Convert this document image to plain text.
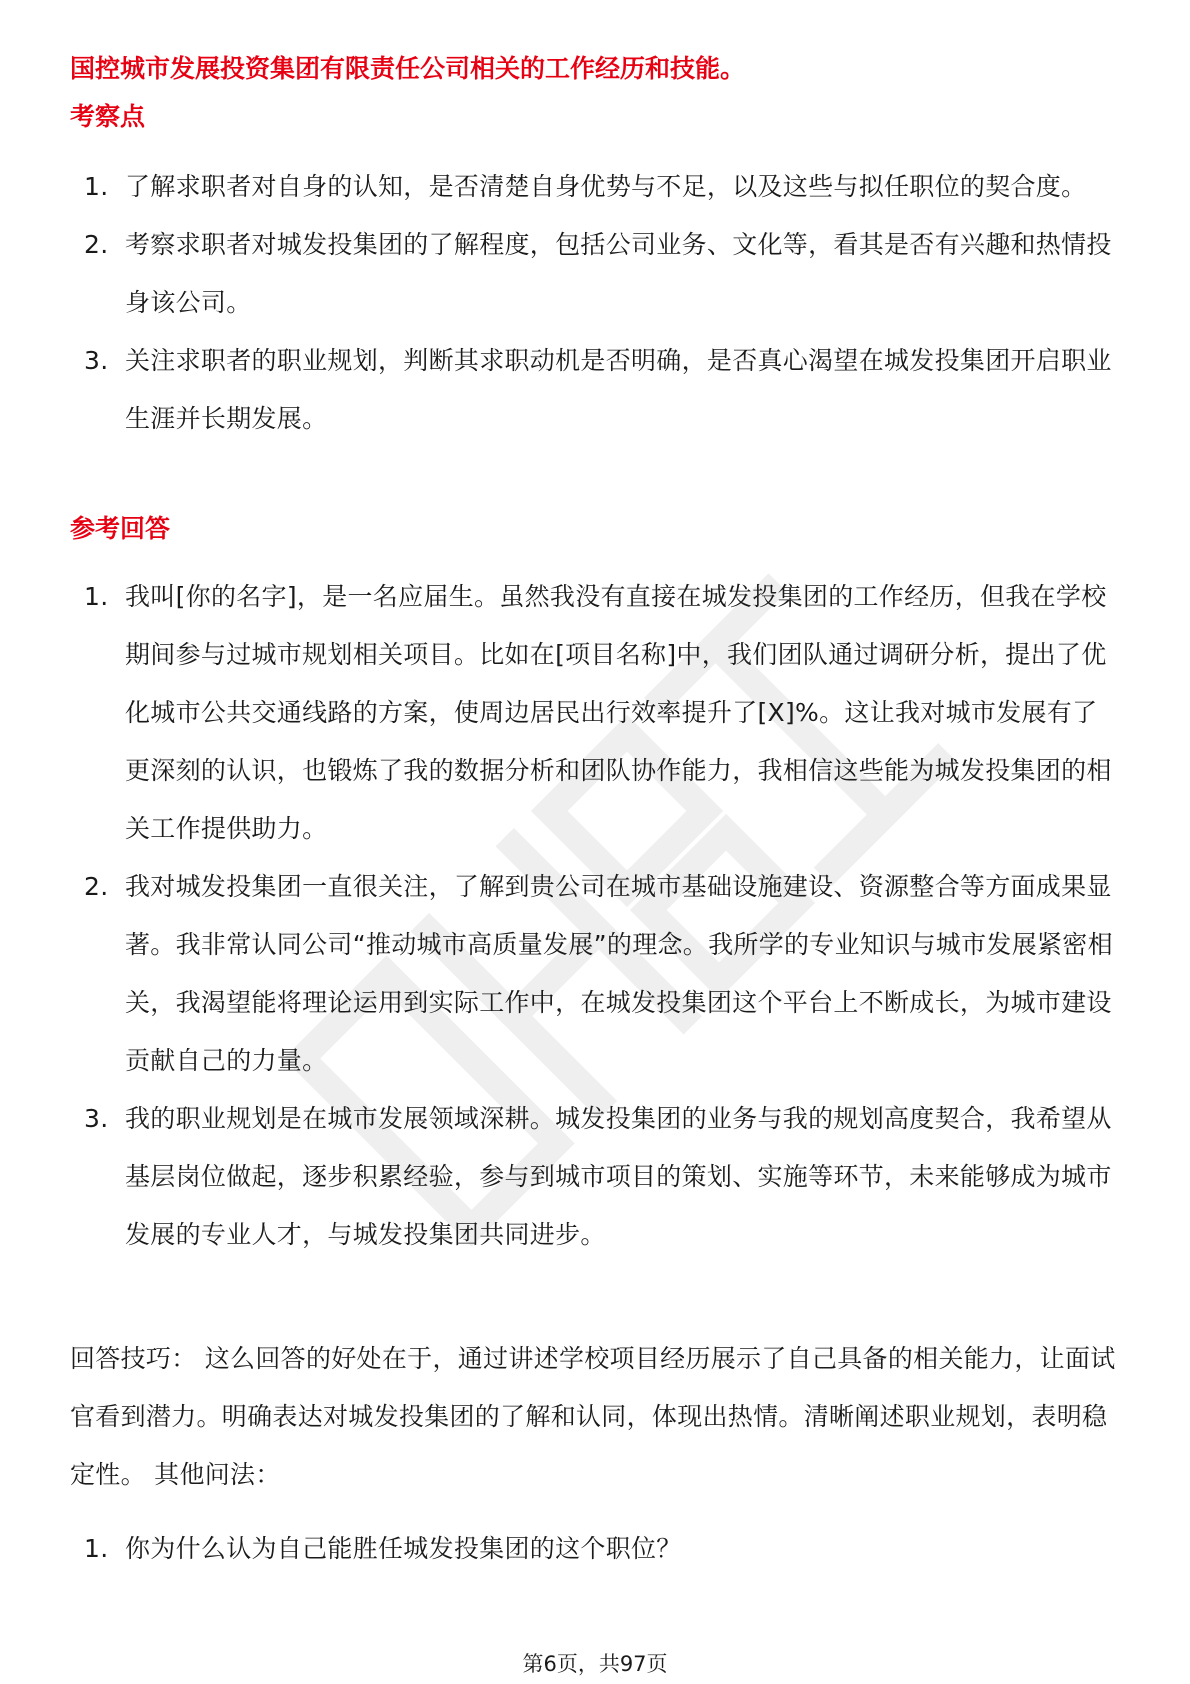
国控城市发展投资集团有限责任公司相关的工作经历和技能。
考察点
1. 了解求职者对自身的认知，是否清楚自身优势与不足，以及这些与拟任职位的契合度。
2. 考察求职者对城发投集团的了解程度，包括公司业务、文化等，看其是否有兴趣和热情投身该公司。
3. 关注求职者的职业规划，判断其求职动机是否明确，是否真心渴望在城发投集团开启职业生涯并长期发展。
参考回答
1. 我叫[你的名字]，是一名应届生。虽然我没有直接在城发投集团的工作经历，但我在学校期间参与过城市规划相关项目。比如在[项目名称]中，我们团队通过调研分析，提出了优化城市公共交通线路的方案，使周边居民出行效率提升了[X]%。这让我对城市发展有了更深刻的认识，也锻炼了我的数据分析和团队协作能力，我相信这些能为城发投集团的相关工作提供助力。
2. 我对城发投集团一直很关注，了解到贵公司在城市基础设施建设、资源整合等方面成果显著。我非常认同公司“推动城市高质量发展”的理念。我所学的专业知识与城市发展紧密相关，我渴望能将理论运用到实际工作中，在城发投集团这个平台上不断成长，为城市建设贡献自己的力量。
3. 我的职业规划是在城市发展领域深耕。城发投集团的业务与我的规划高度契合，我希望从基层岗位做起，逐步积累经验，参与到城市项目的策划、实施等环节，未来能够成为城市发展的专业人才，与城发投集团共同进步。

回答技巧： 这么回答的好处在于，通过讲述学校项目经历展示了自己具备的相关能力，让面试官看到潜力。明确表达对城发投集团的了解和认同，体现出热情。清晰阐述职业规划，表明稳定性。 其他问法：

1. 你为什么认为自己能胜任城发投集团的这个职位？
第6页，共97页
